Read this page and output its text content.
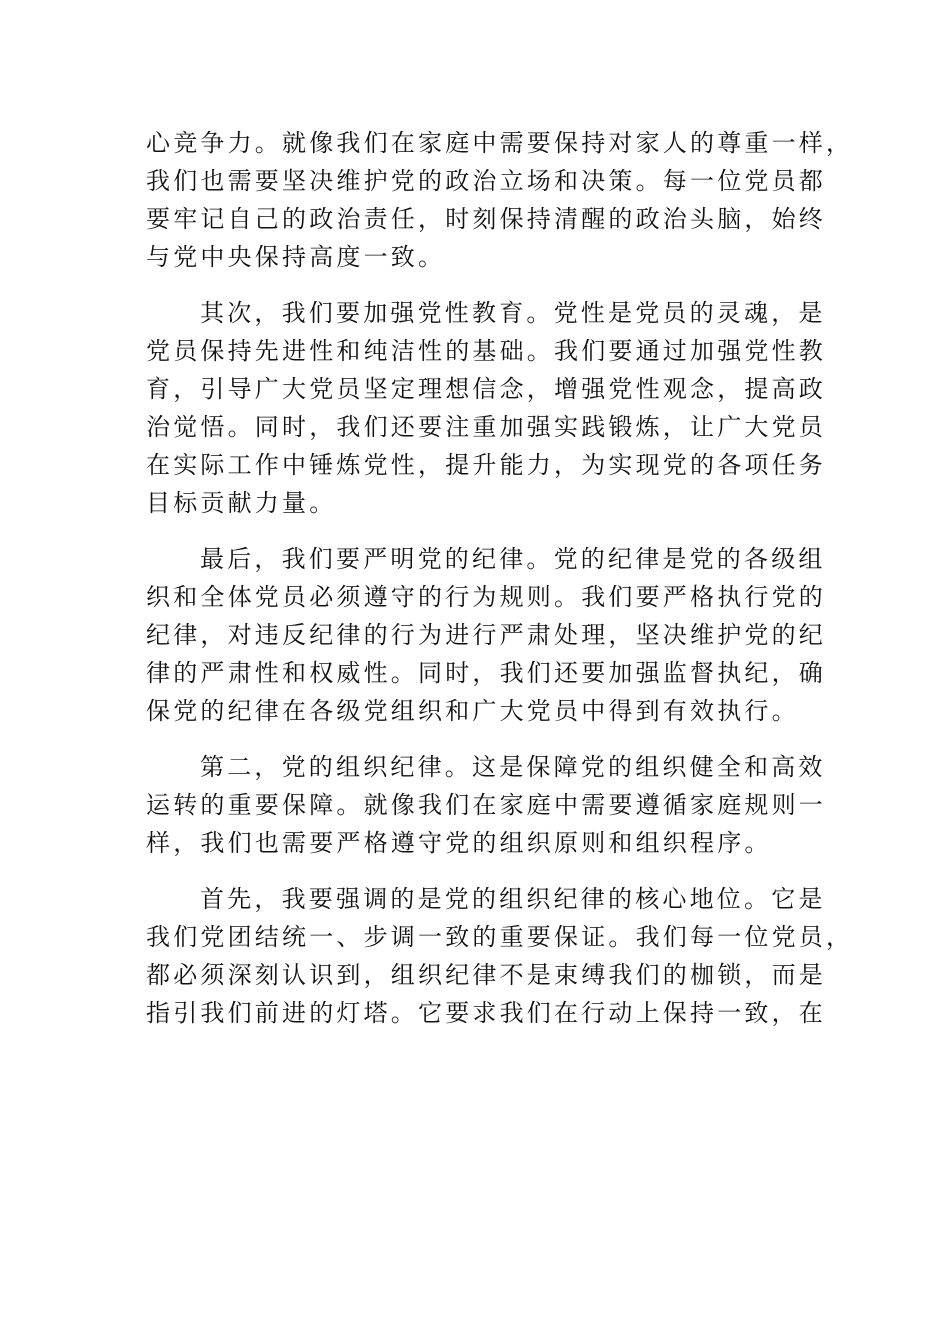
心竞争力。就像我们在家庭中需要保持对家人的尊重一样，
我们也需要坚决维护党的政治立场和决策。每一位党员都
要牢记自己的政治责任，时刻保持清醒的政治头脑，始终
与党中央保持高度一致。
其次，我们要加强党性教育。党性是党员的灵魂，是
党员保持先进性和纯洁性的基础。我们要通过加强党性教
育，引导广大党员坚定理想信念，增强党性观念，提高政
治觉悟。同时，我们还要注重加强实践锻炼，让广大党员
在实际工作中锤炼党性，提升能力，为实现党的各项任务
目标贡献力量。
最后，我们要严明党的纪律。党的纪律是党的各级组
织和全体党员必须遵守的行为规则。我们要严格执行党的
纪律，对违反纪律的行为进行严肃处理，坚决维护党的纪
律的严肃性和权威性。同时，我们还要加强监督执纪，确
保党的纪律在各级党组织和广大党员中得到有效执行。
第二，党的组织纪律。这是保障党的组织健全和高效
运转的重要保障。就像我们在家庭中需要遵循家庭规则一
样，我们也需要严格遵守党的组织原则和组织程序。
首先，我要强调的是党的组织纪律的核心地位。它是
我们党团结统一、步调一致的重要保证。我们每一位党员，
都必须深刻认识到，组织纪律不是束缚我们的枷锁，而是
指引我们前进的灯塔。它要求我们在行动上保持一致，在
